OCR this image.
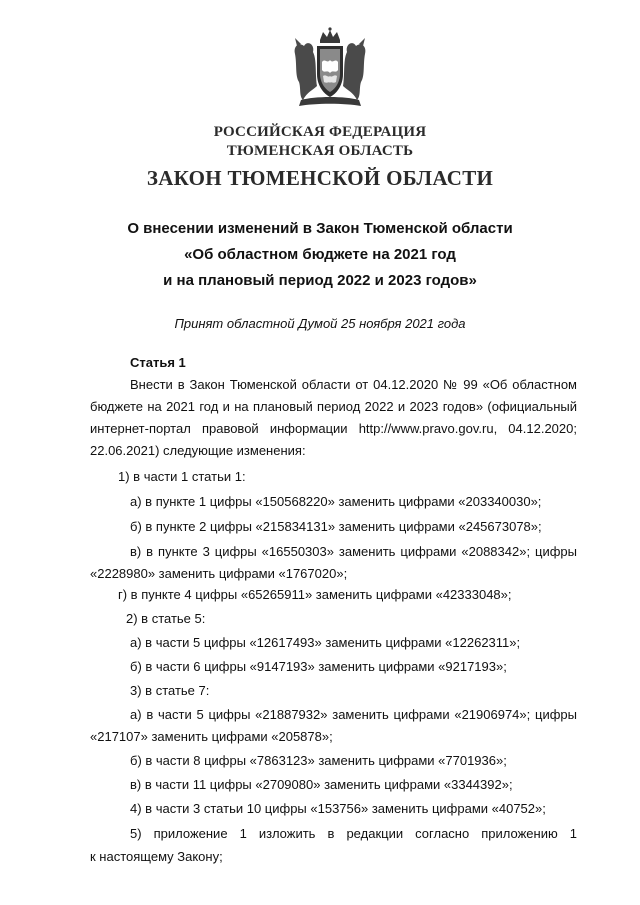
РОССИЙСКАЯ ФЕДЕРАЦИЯ
ТЮМЕНСКАЯ ОБЛАСТЬ
ЗАКОН ТЮМЕНСКОЙ ОБЛАСТИ
О внесении изменений в Закон Тюменской области
«Об областном бюджете на 2021 год
и на плановый период 2022 и 2023 годов»
Принят областной Думой 25 ноября 2021 года
Статья 1
Внести в Закон Тюменской области от 04.12.2020 № 99 «Об областном
бюджете на 2021 год и на плановый период 2022 и 2023 годов» (официальный
интернет-портал правовой информации http://www.pravo.gov.ru, 04.12.2020;
22.06.2021) следующие изменения:
1) в части 1 статьи 1:
а) в пункте 1 цифры «150568220» заменить цифрами «203340030»;
б) в пункте 2 цифры «215834131» заменить цифрами «245673078»;
в) в пункте 3 цифры «16550303» заменить цифрами «2088342»; цифры
«2228980» заменить цифрами «1767020»;
г) в пункте 4 цифры «65265911» заменить цифрами «42333048»;
2) в статье 5:
а) в части 5 цифры «12617493» заменить цифрами «12262311»;
б) в части 6 цифры «9147193» заменить цифрами «9217193»;
3) в статье 7:
а) в части 5 цифры «21887932» заменить цифрами «21906974»; цифры
«217107» заменить цифрами «205878»;
б) в части 8 цифры «7863123» заменить цифрами «7701936»;
в) в части 11 цифры «2709080» заменить цифрами «3344392»;
4) в части 3 статьи 10 цифры «153756» заменить цифрами «40752»;
5) приложение 1 изложить в редакции согласно приложению 1
к настоящему Закону;
